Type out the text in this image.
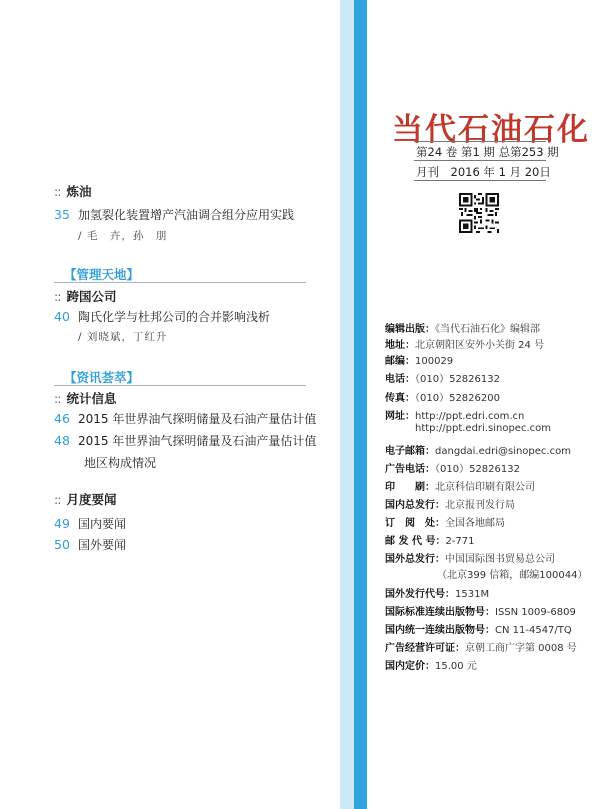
:: 炼油
35 加氢裂化装置增产汽油调合组分应用实践
/ 毛　卉，孙　朋
【管理天地】
:: 跨国公司
40 陶氏化学与杜邦公司的合并影响浅析
/ 刘晓斌，丁红升
【资讯荟萃】
:: 统计信息
46 2015 年世界油气探明储量及石油产量估计值
48 2015 年世界油气探明储量及石油产量估计值
地区构成情况
:: 月度要闻
49 国内要闻
50 国外要闻
当代石油石化
第24 卷 第1 期 总第253 期
月刊　2016 年 1 月 20日
编辑出版：《当代石油石化》编辑部
地址：北京朝阳区安外小关街 24 号
邮编：100029
电话：（010）52826132
传真：（010）52826200
网址：http://ppt.edri.com.cn
http://ppt.edri.sinopec.com
电子邮箱：dangdai.edri@sinopec.com
广告电话：（010）52826132
印　　刷：北京科信印刷有限公司
国内总发行：北京报刊发行局
订　阅　处：全国各地邮局
邮 发 代 号：2-771
国外总发行：中国国际图书贸易总公司
（北京399 信箱，邮编100044）
国外发行代号：1531M
国际标准连续出版物号：ISSN 1009-6809
国内统一连续出版物号：CN 11-4547/TQ
广告经营许可证：京朝工商广字第 0008 号
国内定价：15.00 元
